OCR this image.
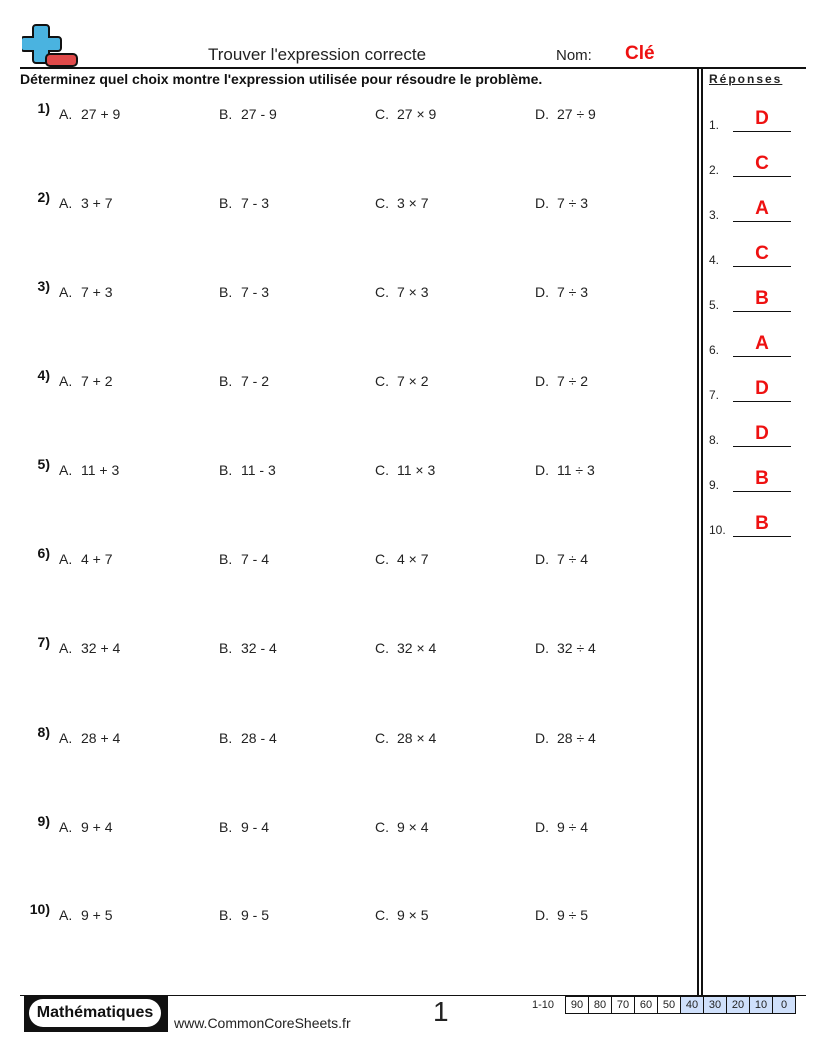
Trouver l'expression correcte	Nom: Clé
Déterminez quel choix montre l'expression utilisée pour résoudre le problème.
1) A. 27 + 9	B. 27 - 9	C. 27 × 9	D. 27 ÷ 9
2) A. 3 + 7	B. 7 - 3	C. 3 × 7	D. 7 ÷ 3
3) A. 7 + 3	B. 7 - 3	C. 7 × 3	D. 7 ÷ 3
4) A. 7 + 2	B. 7 - 2	C. 7 × 2	D. 7 ÷ 2
5) A. 11 + 3	B. 11 - 3	C. 11 × 3	D. 11 ÷ 3
6) A. 4 + 7	B. 7 - 4	C. 4 × 7	D. 7 ÷ 4
7) A. 32 + 4	B. 32 - 4	C. 32 × 4	D. 32 ÷ 4
8) A. 28 + 4	B. 28 - 4	C. 28 × 4	D. 28 ÷ 4
9) A. 9 + 4	B. 9 - 4	C. 9 × 4	D. 9 ÷ 4
10) A. 9 + 5	B. 9 - 5	C. 9 × 5	D. 9 ÷ 5
Réponses
1.	D
2.	C
3.	A
4.	C
5.	B
6.	A
7.	D
8.	D
9.	B
10.	B
Mathématiques
www.CommonCoreSheets.fr	1	1-10 90	80	70	60	50	40	30	20	10	0
